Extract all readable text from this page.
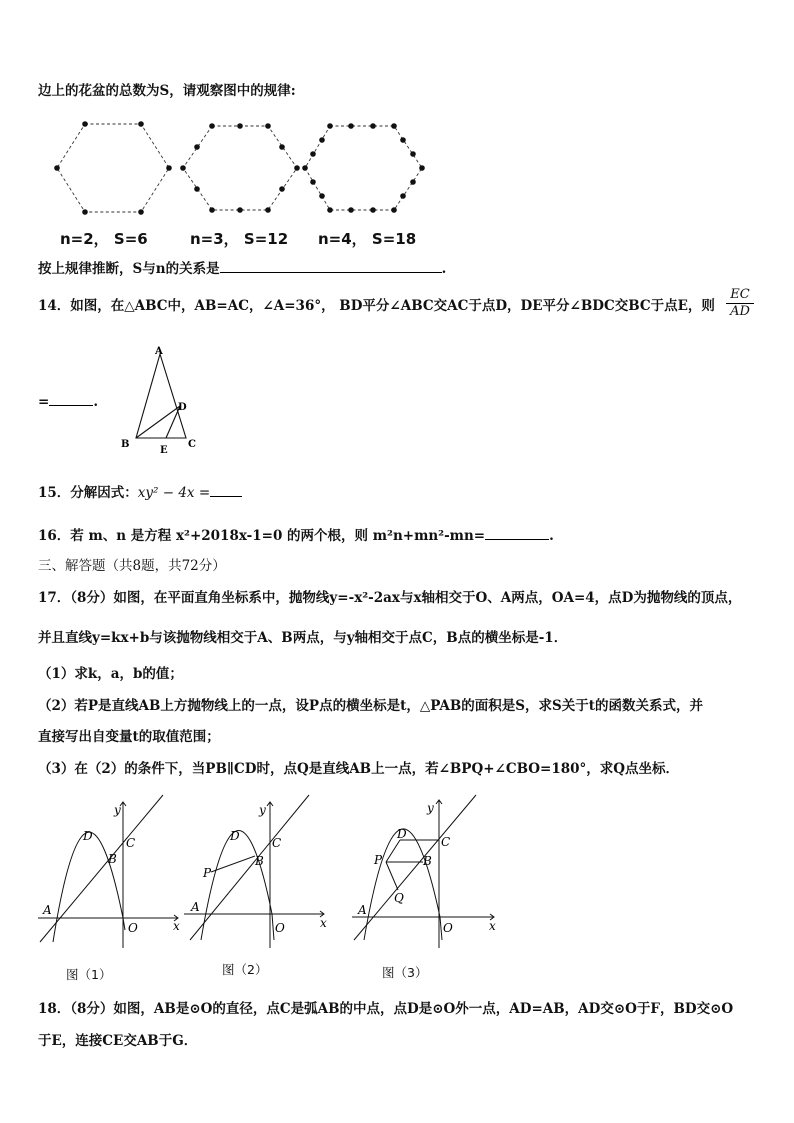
边上的花盆的总数为S，请观察图中的规律:
n=2， S=6	n=3， S=12 n=4， S=18
按上规律推断，S与n的关系是	.
14．如图，在△ABC中，AB=AC，∠A=36°， BD平分∠ABC交AC于点D，DE平分∠BDC交BC于点E，则 $\frac{EC}{AD}$
=	.
A
D
B
E
C
15．分解因式：xy² − 4x =
16．若 m、n 是方程 x²+2018x-1=0 的两个根，则 m²n+mn²-mn=	.
三、解答题（共8题，共72分）
17．（8分）如图，在平面直角坐标系中，抛物线y=-x²-2ax与x轴相交于O、A两点，OA=4，点D为抛物线的顶点，
并且直线y=kx+b与该抛物线相交于A、B两点，与y轴相交于点C，B点的横坐标是-1．
（1）求k，a，b的值；
（2）若P是直线AB上方抛物线上的一点，设P点的横坐标是t，△PAB的面积是S，求S关于t的函数关系式，并
直接写出自变量t的取值范围；
（3）在（2）的条件下，当PB∥CD时，点Q是直线AB上一点，若∠BPQ+∠CBO=180°，求Q点坐标．
y
D	C
B
A
O	x
图（1）
y
D	C
B
P
A
O	x
图（2）
y
D
C
B
P
Q
A
O	x
图（3）
18．（8分）如图，AB是⊙O的直径，点C是弧AB的中点，点D是⊙O外一点，AD=AB，AD交⊙O于F，BD交⊙O
于E，连接CE交AB于G．
